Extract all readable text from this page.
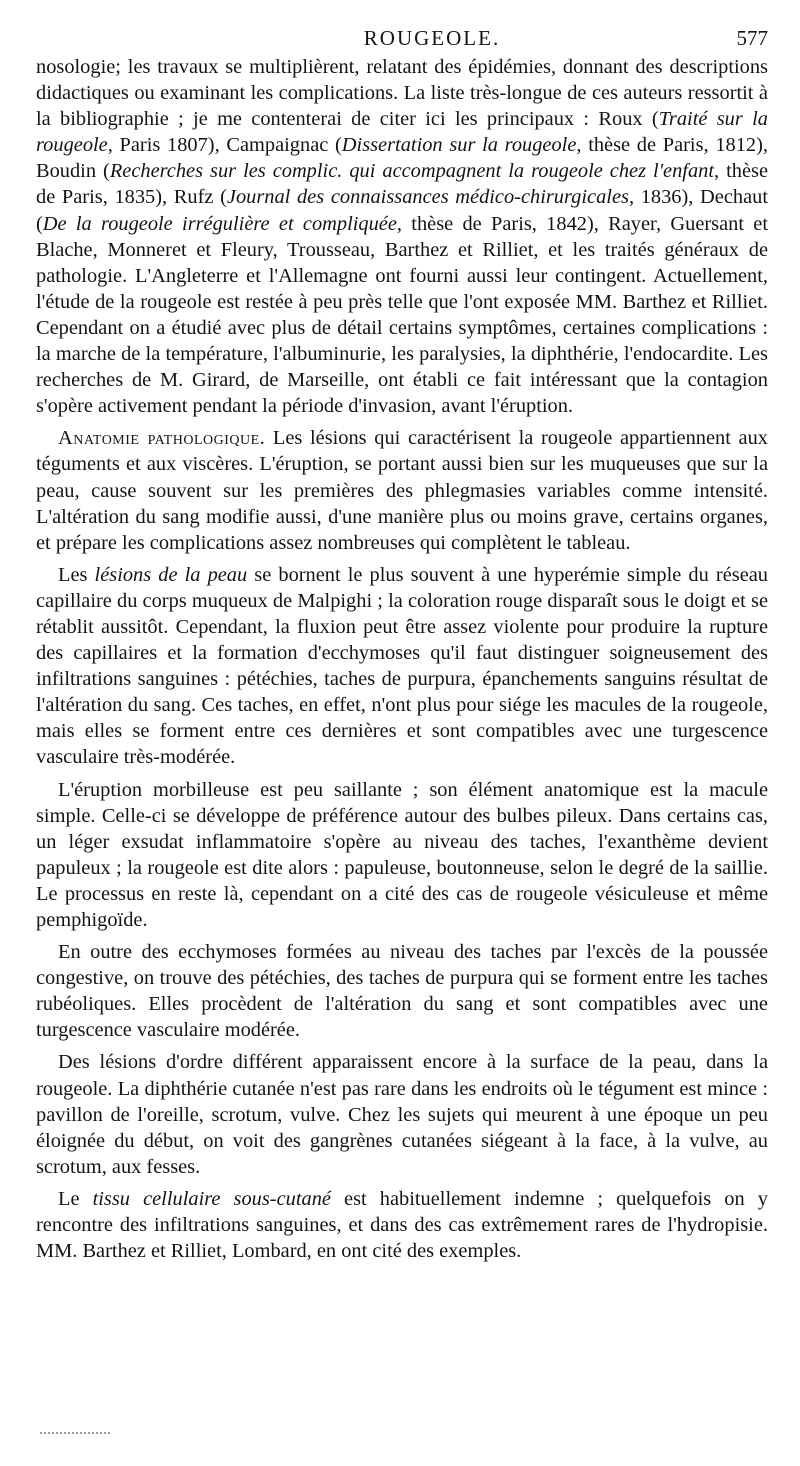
ROUGEOLE.	577

nosologie; les travaux se multiplièrent, relatant des épidémies, donnant des descriptions didactiques ou examinant les complications. La liste très-longue de ces auteurs ressortit à la bibliographie ; je me contenterai de citer ici les principaux : Roux (Traité sur la rougeole, Paris 1807), Campaignac (Dissertation sur la rougeole, thèse de Paris, 1812), Boudin (Recherches sur les complic. qui accompagnent la rougeole chez l'enfant, thèse de Paris, 1835), Rufz (Journal des connaissances médico-chirurgicales, 1836), Dechaut (De la rougeole irrégulière et compliquée, thèse de Paris, 1842), Rayer, Guersant et Blache, Monneret et Fleury, Trousseau, Barthez et Rilliet, et les traités généraux de pathologie. L'Angleterre et l'Allemagne ont fourni aussi leur contingent. Actuellement, l'étude de la rougeole est restée à peu près telle que l'ont exposée MM. Barthez et Rilliet. Cependant on a étudié avec plus de détail certains symptômes, certaines complications : la marche de la température, l'albuminurie, les paralysies, la diphthérie, l'endocardite. Les recherches de M. Girard, de Marseille, ont établi ce fait intéressant que la contagion s'opère activement pendant la période d'invasion, avant l'éruption.

Anatomie pathologique. Les lésions qui caractérisent la rougeole appartiennent aux téguments et aux viscères. L'éruption, se portant aussi bien sur les muqueuses que sur la peau, cause souvent sur les premières des phlegmasies variables comme intensité. L'altération du sang modifie aussi, d'une manière plus ou moins grave, certains organes, et prépare les complications assez nombreuses qui complètent le tableau.

Les lésions de la peau se bornent le plus souvent à une hyperémie simple du réseau capillaire du corps muqueux de Malpighi ; la coloration rouge disparaît sous le doigt et se rétablit aussitôt. Cependant, la fluxion peut être assez violente pour produire la rupture des capillaires et la formation d'ecchymoses qu'il faut distinguer soigneusement des infiltrations sanguines : pétéchies, taches de purpura, épanchements sanguins résultat de l'altération du sang. Ces taches, en effet, n'ont plus pour siége les macules de la rougeole, mais elles se forment entre ces dernières et sont compatibles avec une turgescence vasculaire très-modérée.

L'éruption morbilleuse est peu saillante ; son élément anatomique est la macule simple. Celle-ci se développe de préférence autour des bulbes pileux. Dans certains cas, un léger exsudat inflammatoire s'opère au niveau des taches, l'exanthème devient papuleux ; la rougeole est dite alors : papuleuse, boutonneuse, selon le degré de la saillie. Le processus en reste là, cependant on a cité des cas de rougeole vésiculeuse et même pemphigoïde.

En outre des ecchymoses formées au niveau des taches par l'excès de la poussée congestive, on trouve des pétéchies, des taches de purpura qui se forment entre les taches rubéoliques. Elles procèdent de l'altération du sang et sont compatibles avec une turgescence vasculaire modérée.

Des lésions d'ordre différent apparaissent encore à la surface de la peau, dans la rougeole. La diphthérie cutanée n'est pas rare dans les endroits où le tégument est mince : pavillon de l'oreille, scrotum, vulve. Chez les sujets qui meurent à une époque un peu éloignée du début, on voit des gangrènes cutanées siégeant à la face, à la vulve, au scrotum, aux fesses.

Le tissu cellulaire sous-cutané est habituellement indemne ; quelquefois on y rencontre des infiltrations sanguines, et dans des cas extrêmement rares de l'hydropisie. MM. Barthez et Rilliet, Lombard, en ont cité des exemples.
